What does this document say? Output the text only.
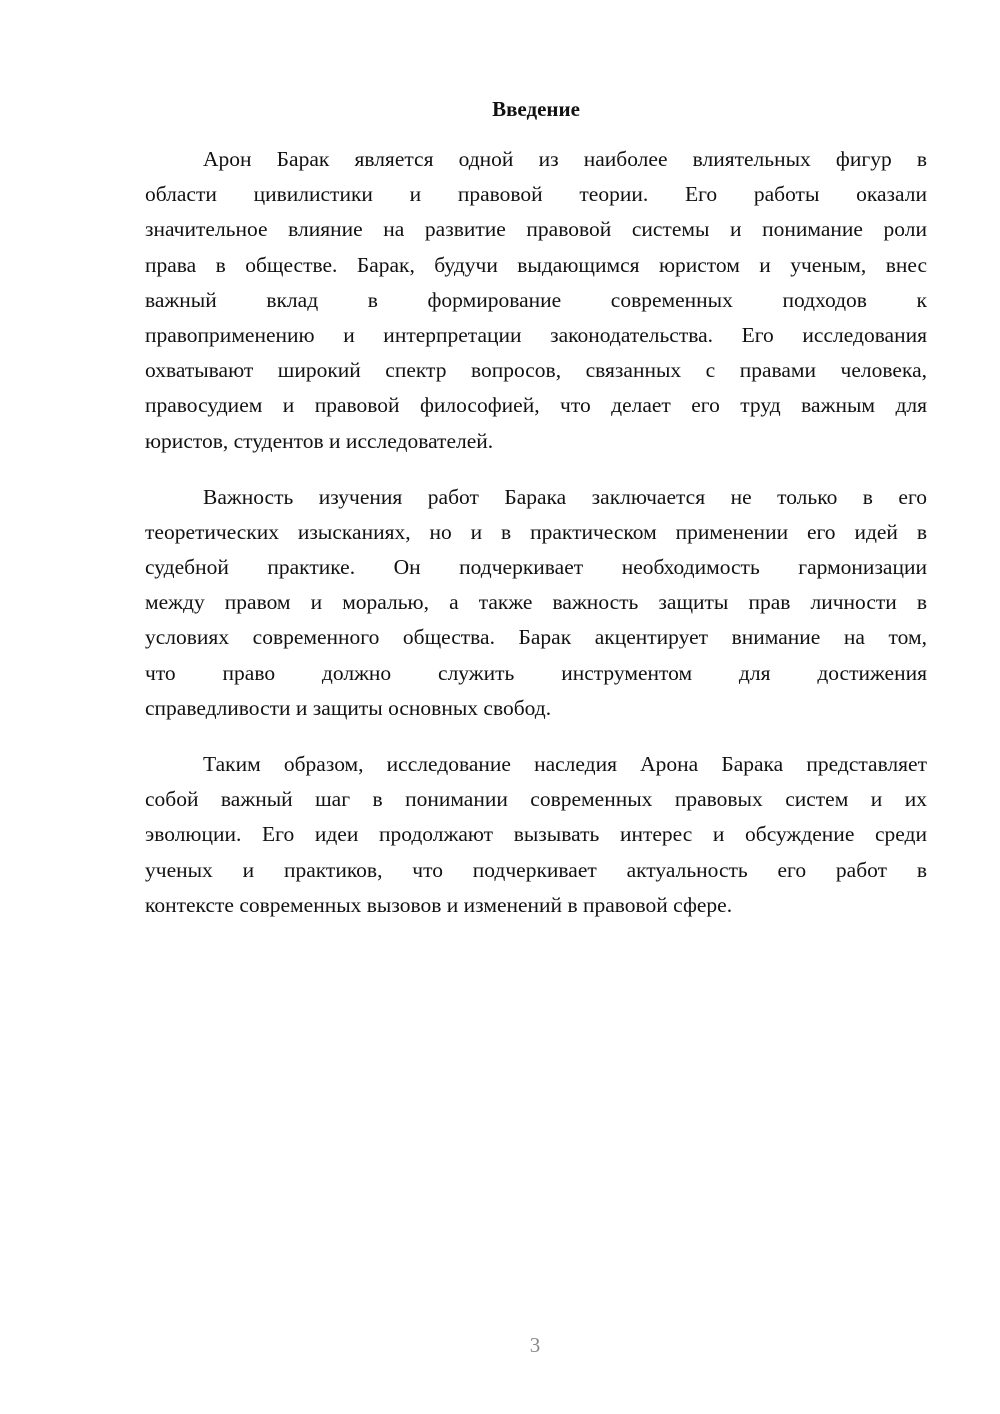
Введение
Арон Барак является одной из наиболее влиятельных фигур в
области цивилистики и правовой теории. Его работы оказали
значительное влияние на развитие правовой системы и понимание роли
права в обществе. Барак, будучи выдающимся юристом и ученым, внес
важный вклад в формирование современных подходов к
правоприменению и интерпретации законодательства. Его исследования
охватывают широкий спектр вопросов, связанных с правами человека,
правосудием и правовой философией, что делает его труд важным для
юристов, студентов и исследователей.
Важность изучения работ Барака заключается не только в его
теоретических изысканиях, но и в практическом применении его идей в
судебной практике. Он подчеркивает необходимость гармонизации
между правом и моралью, а также важность защиты прав личности в
условиях современного общества. Барак акцентирует внимание на том,
что право должно служить инструментом для достижения
справедливости и защиты основных свобод.
Таким образом, исследование наследия Арона Барака представляет
собой важный шаг в понимании современных правовых систем и их
эволюции. Его идеи продолжают вызывать интерес и обсуждение среди
ученых и практиков, что подчеркивает актуальность его работ в
контексте современных вызовов и изменений в правовой сфере.
3
